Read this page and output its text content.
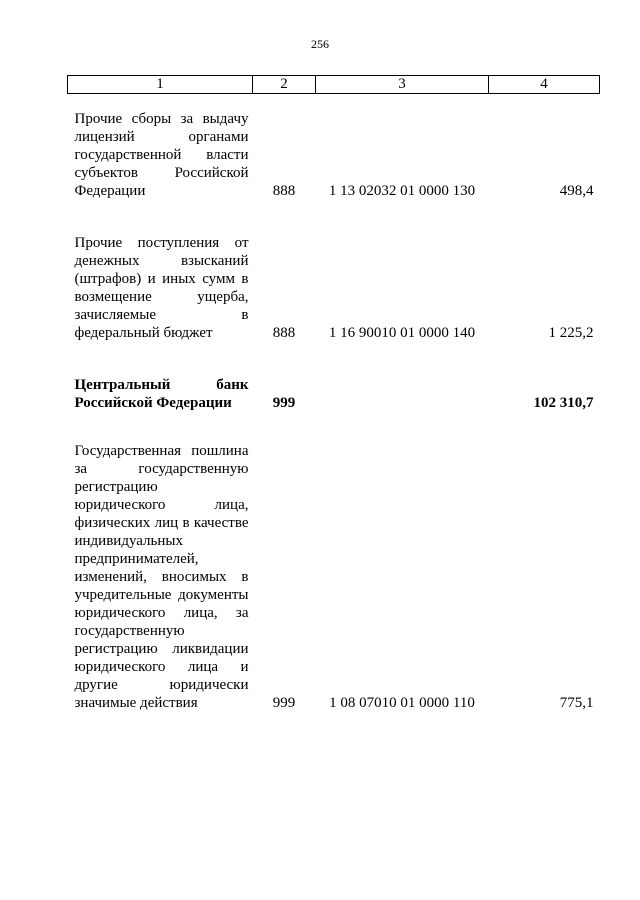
256
1	2	3	4

Прочие сборы за выдачу лицензий органами государственной власти субъектов Российской Федерации	888	1 13 02032 01 0000 130	498,4

Прочие поступления от денежных взысканий (штрафов) и иных сумм в возмещение ущерба, зачисляемые в федеральный бюджет	888	1 16 90010 01 0000 140	1 225,2

Центральный банк Российской Федерации	999		102 310,7

Государственная пошлина за государственную регистрацию юридического лица, физических лиц в качестве индивидуальных предпринимателей, изменений, вносимых в учредительные документы юридического лица, за государственную регистрацию ликвидации юридического лица и другие юридически значимые действия	999	1 08 07010 01 0000 110	775,1
